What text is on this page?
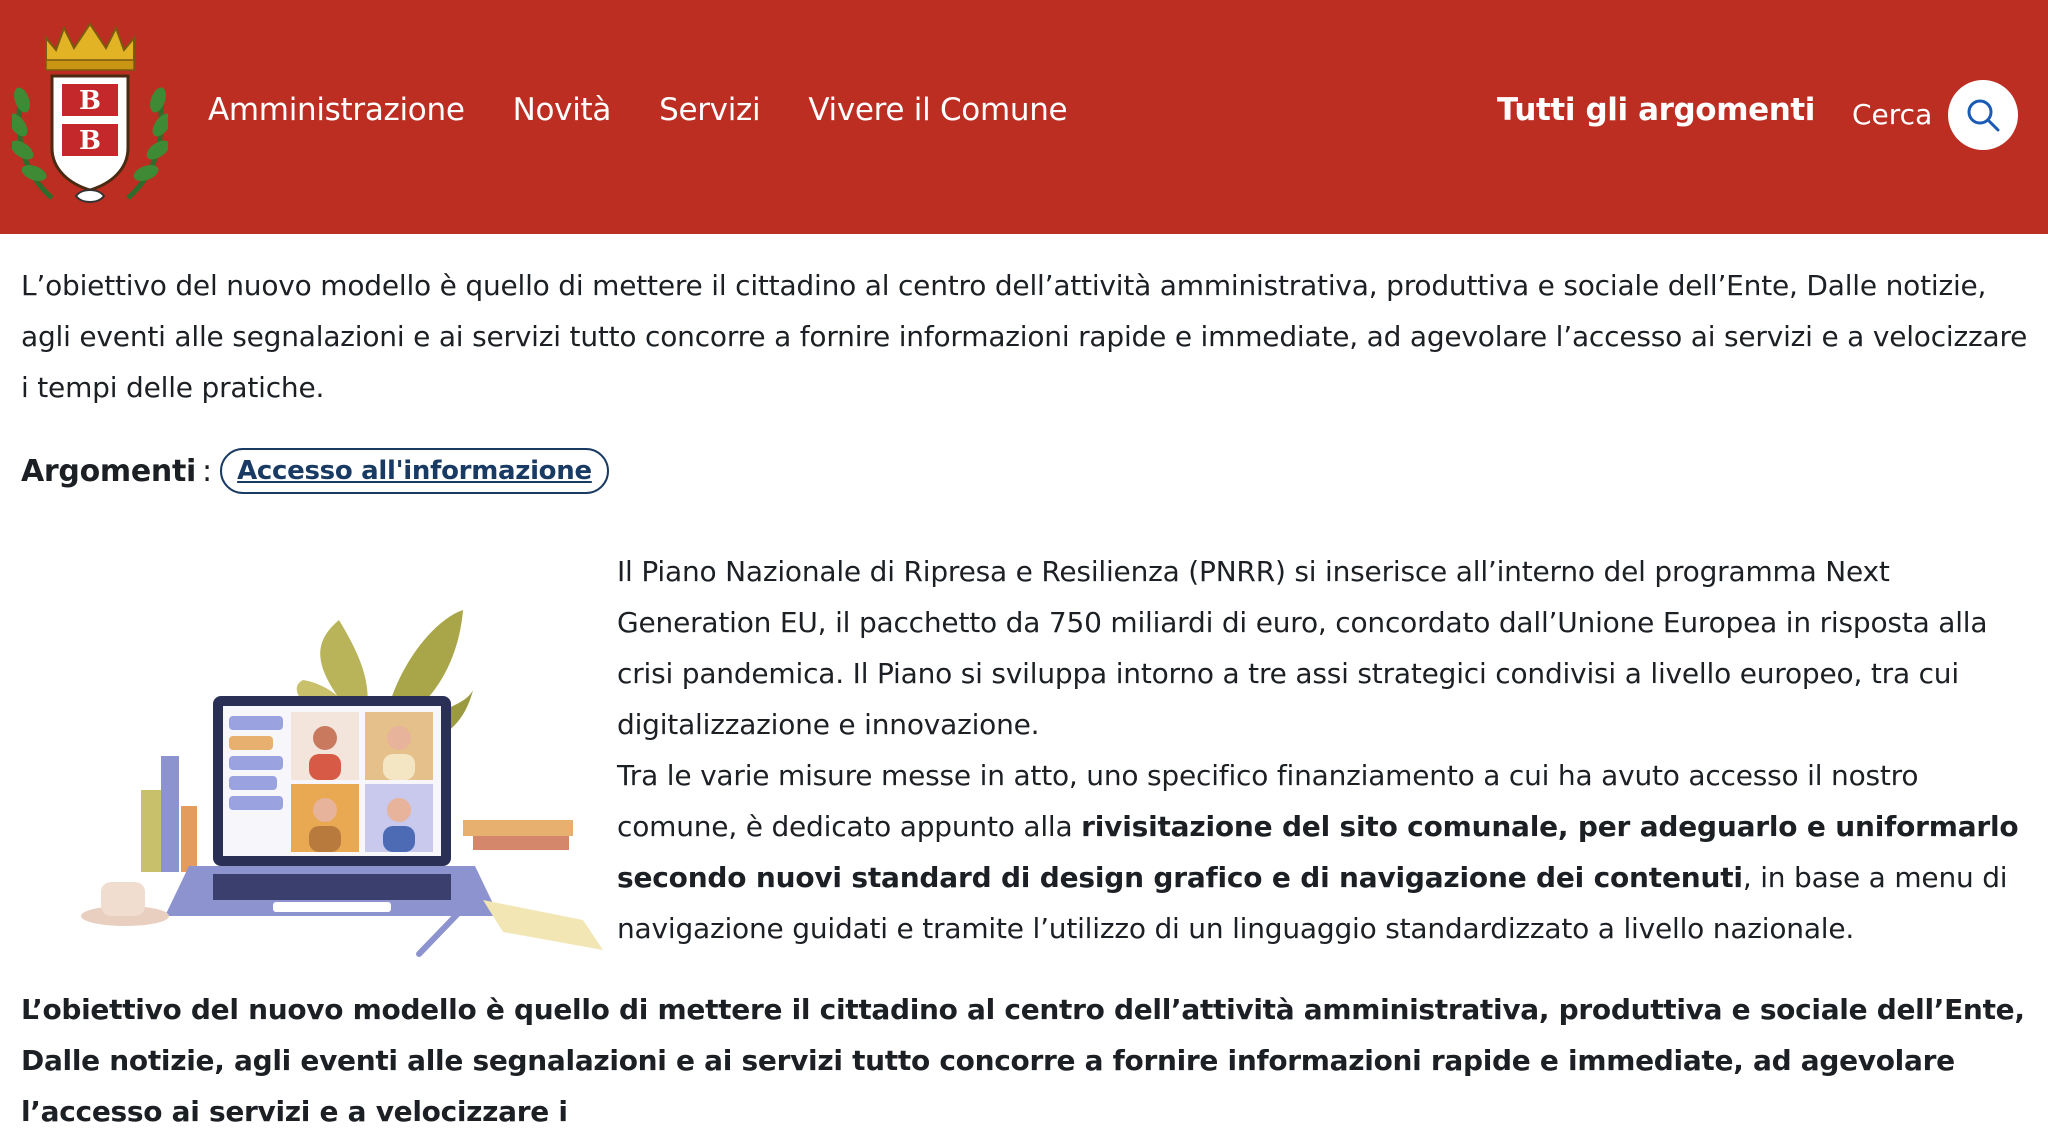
B
B
Amministrazione Novità Servizi Vivere il Comune	Tutti gli argomenti Cerca

L’obiettivo del nuovo modello è quello di mettere il cittadino al centro dell’attività amministrativa, produttiva e sociale dell’Ente, Dalle notizie, agli eventi alle segnalazioni e ai servizi tutto concorre a fornire informazioni rapide e immediate, ad agevolare l’accesso ai servizi e a velocizzare i tempi delle pratiche.

Argomenti : Accesso all'informazione

Il Piano Nazionale di Ripresa e Resilienza (PNRR) si inserisce all’interno del programma Next Generation EU, il pacchetto da 750 miliardi di euro, concordato dall’Unione Europea in risposta alla crisi pandemica. Il Piano si sviluppa intorno a tre assi strategici condivisi a livello europeo, tra cui digitalizzazione e innovazione.
Tra le varie misure messe in atto, uno specifico finanziamento a cui ha avuto accesso il nostro comune, è dedicato appunto alla rivisitazione del sito comunale, per adeguarlo e uniformarlo secondo nuovi standard di design grafico e di navigazione dei contenuti, in base a menu di navigazione guidati e tramite l’utilizzo di un linguaggio standardizzato a livello nazionale.

L’obiettivo del nuovo modello è quello di mettere il cittadino al centro dell’attività amministrativa, produttiva e sociale dell’Ente, Dalle notizie, agli eventi alle segnalazioni e ai servizi tutto concorre a fornire informazioni rapide e immediate, ad agevolare l’accesso ai servizi e a velocizzare i
